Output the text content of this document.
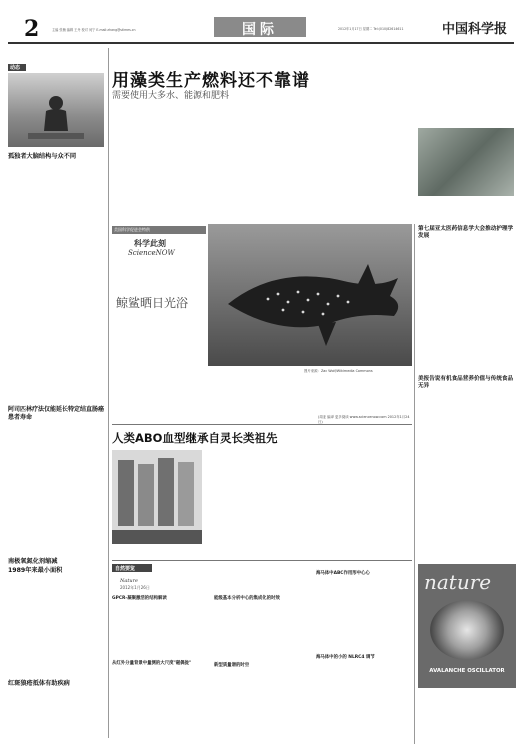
2	主编 张楠 编辑 王丹 校对 何宁 E-mail:zhang@stimes.cn	国际	2012年1月17日 星期二 Tel:(010)82614611	中国科学报
动态
孤独者大脑结构与众不同

阿司匹林疗法仅能延长特定结直肠癌患者寿命

南极氧氮化剂缩减
1989年来最小面积

红斑狼疮抵体有助疾病

用藻类生产燃料还不靠谱
需要使用大多水、能源和肥料

第七届亚太医药信息学大会推动护理学发展

美报告说有机食品营养价值与传统食品无异

美国科学促进会特供
科学此刻
ScienceNOW
鲸鲨晒日光浴

图片来源：Zac Wolf/Wikimedia Commons

(周亚 编译 更多阅读 www.sciencenow.com 2012年1月24日)
人类ABO血型继承自灵长类祖先

自然要览
Nature
2012年1月26日
GPCR-凝聚激活的结构解读
从红外分量背景中量测的大尺度"磁偶拢"
能级基本分析中心的集成化的时效
新型质量谱的时空
海马体中ABC作用形中心心
海马体中的小的 NLRC4 调节
nature
AVALANCHE OSCILLATOR
